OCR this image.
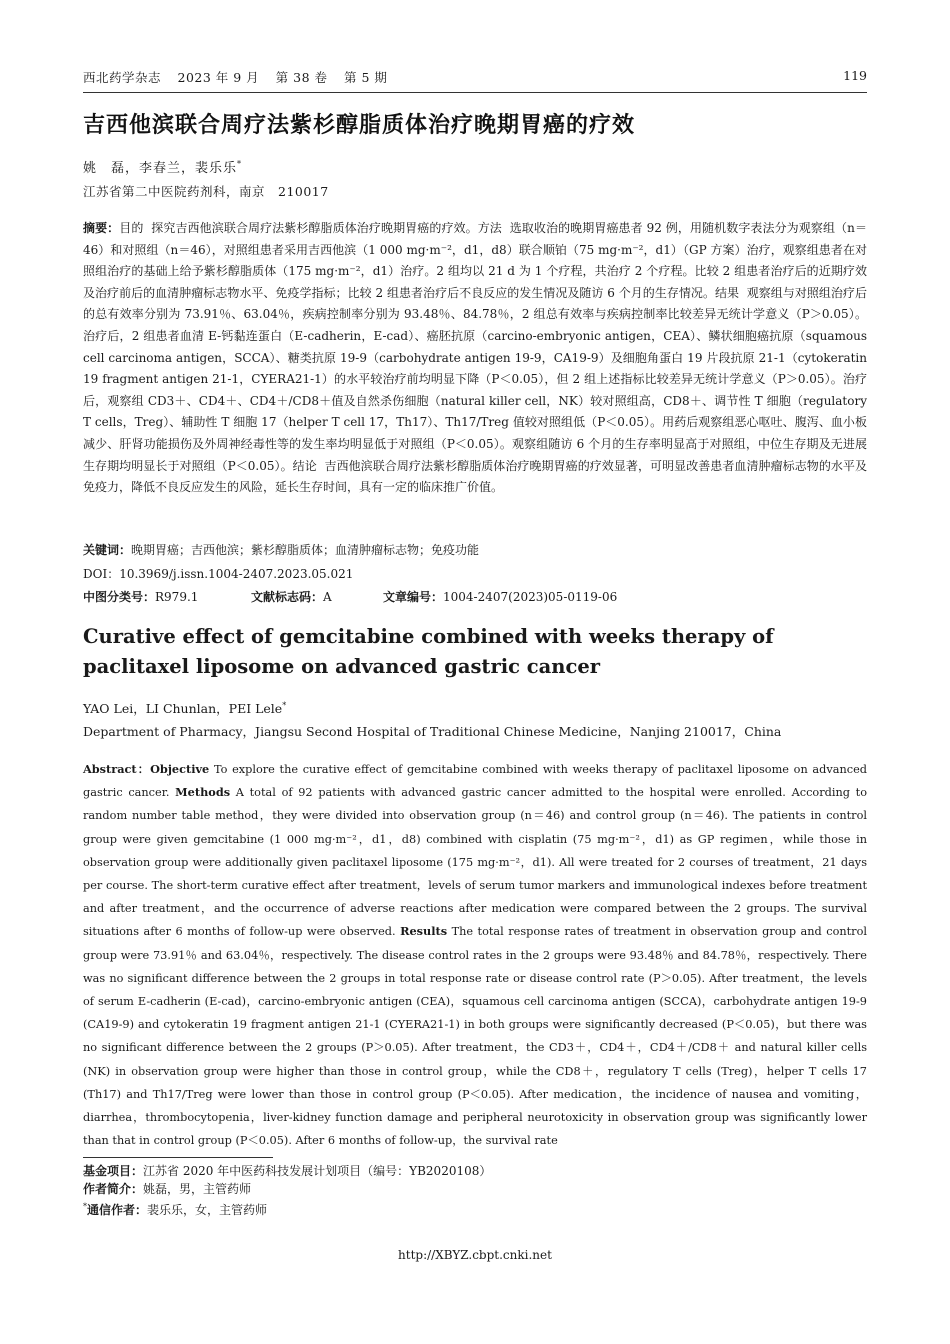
西北药学杂志 2023 年 9 月 第 38 卷 第 5 期	119
吉西他滨联合周疗法紫杉醇脂质体治疗晚期胃癌的疗效
姚　磊，李春兰，裴乐乐*
江苏省第二中医院药剂科，南京　210017
摘要：目的 探究吉西他滨联合周疗法紫杉醇脂质体治疗晚期胃癌的疗效。方法 选取收治的晚期胃癌患者 92 例，用随机数字表法分为观察组（n＝46）和对照组（n＝46），对照组患者采用吉西他滨（1 000 mg·m⁻²，d1，d8）联合顺铂（75 mg·m⁻²，d1）（GP 方案）治疗，观察组患者在对照组治疗的基础上给予紫杉醇脂质体（175 mg·m⁻²，d1）治疗。2 组均以 21 d 为 1 个疗程，共治疗 2 个疗程。比较 2 组患者治疗后的近期疗效及治疗前后的血清肿瘤标志物水平、免疫学指标；比较 2 组患者治疗后不良反应的发生情况及随访 6 个月的生存情况。结果 观察组与对照组治疗后的总有效率分别为 73.91％、63.04％，疾病控制率分别为 93.48％、84.78％，2 组总有效率与疾病控制率比较差异无统计学意义（P＞0.05）。治疗后，2 组患者血清 E-钙黏连蛋白（E-cadherin，E-cad）、癌胚抗原（carcino-embryonic antigen，CEA）、鳞状细胞癌抗原（squamous cell carcinoma antigen，SCCA）、糖类抗原 19-9（carbohydrate antigen 19-9，CA19-9）及细胞角蛋白 19 片段抗原 21-1（cytokeratin 19 fragment antigen 21-1，CYERA21-1）的水平较治疗前均明显下降（P＜0.05），但 2 组上述指标比较差异无统计学意义（P＞0.05）。治疗后，观察组 CD3＋、CD4＋、CD4＋/CD8＋值及自然杀伤细胞（natural killer cell，NK）较对照组高，CD8＋、调节性 T 细胞（regulatory T cells，Treg）、辅助性 T 细胞 17（helper T cell 17，Th17）、Th17/Treg 值较对照组低（P＜0.05）。用药后观察组恶心呕吐、腹泻、血小板减少、肝肾功能损伤及外周神经毒性等的发生率均明显低于对照组（P＜0.05）。观察组随访 6 个月的生存率明显高于对照组，中位生存期及无进展生存期均明显长于对照组（P＜0.05）。结论 吉西他滨联合周疗法紫杉醇脂质体治疗晚期胃癌的疗效显著，可明显改善患者血清肿瘤标志物的水平及免疫力，降低不良反应发生的风险，延长生存时间，具有一定的临床推广价值。
关键词：晚期胃癌；吉西他滨；紫杉醇脂质体；血清肿瘤标志物；免疫功能
DOI：10.3969/j.issn.1004-2407.2023.05.021
中图分类号：R979.1	文献标志码：A	文章编号：1004-2407(2023)05-0119-06
Curative effect of gemcitabine combined with weeks therapy of paclitaxel liposome on advanced gastric cancer
YAO Lei，LI Chunlan，PEI Lele*
Department of Pharmacy，Jiangsu Second Hospital of Traditional Chinese Medicine，Nanjing 210017，China
Abstract：Objective To explore the curative effect of gemcitabine combined with weeks therapy of paclitaxel liposome on advanced gastric cancer. Methods A total of 92 patients with advanced gastric cancer admitted to the hospital were enrolled. According to random number table method，they were divided into observation group (n＝46) and control group (n＝46). The patients in control group were given gemcitabine (1 000 mg·m⁻²，d1，d8) combined with cisplatin (75 mg·m⁻²，d1) as GP regimen，while those in observation group were additionally given paclitaxel liposome (175 mg·m⁻²，d1). All were treated for 2 courses of treatment，21 days per course. The short-term curative effect after treatment，levels of serum tumor markers and immunological indexes before treatment and after treatment，and the occurrence of adverse reactions after medication were compared between the 2 groups. The survival situations after 6 months of follow-up were observed. Results The total response rates of treatment in observation group and control group were 73.91％ and 63.04％，respectively. The disease control rates in the 2 groups were 93.48％ and 84.78％，respectively. There was no significant difference between the 2 groups in total response rate or disease control rate (P＞0.05). After treatment，the levels of serum E-cadherin (E-cad)，carcino-embryonic antigen (CEA)，squamous cell carcinoma antigen (SCCA)，carbohydrate antigen 19-9 (CA19-9) and cytokeratin 19 fragment antigen 21-1 (CYERA21-1) in both groups were significantly decreased (P＜0.05)，but there was no significant difference between the 2 groups (P＞0.05). After treatment，the CD3＋，CD4＋，CD4＋/CD8＋ and natural killer cells (NK) in observation group were higher than those in control group，while the CD8＋，regulatory T cells (Treg)，helper T cells 17 (Th17) and Th17/Treg were lower than those in control group (P＜0.05). After medication，the incidence of nausea and vomiting，diarrhea，thrombocytopenia，liver-kidney function damage and peripheral neurotoxicity in observation group was significantly lower than that in control group (P＜0.05). After 6 months of follow-up，the survival rate
基金项目：江苏省 2020 年中医药科技发展计划项目（编号：YB2020108）
作者简介：姚磊，男，主管药师
*通信作者：裴乐乐，女，主管药师
http://XBYZ.cbpt.cnki.net
